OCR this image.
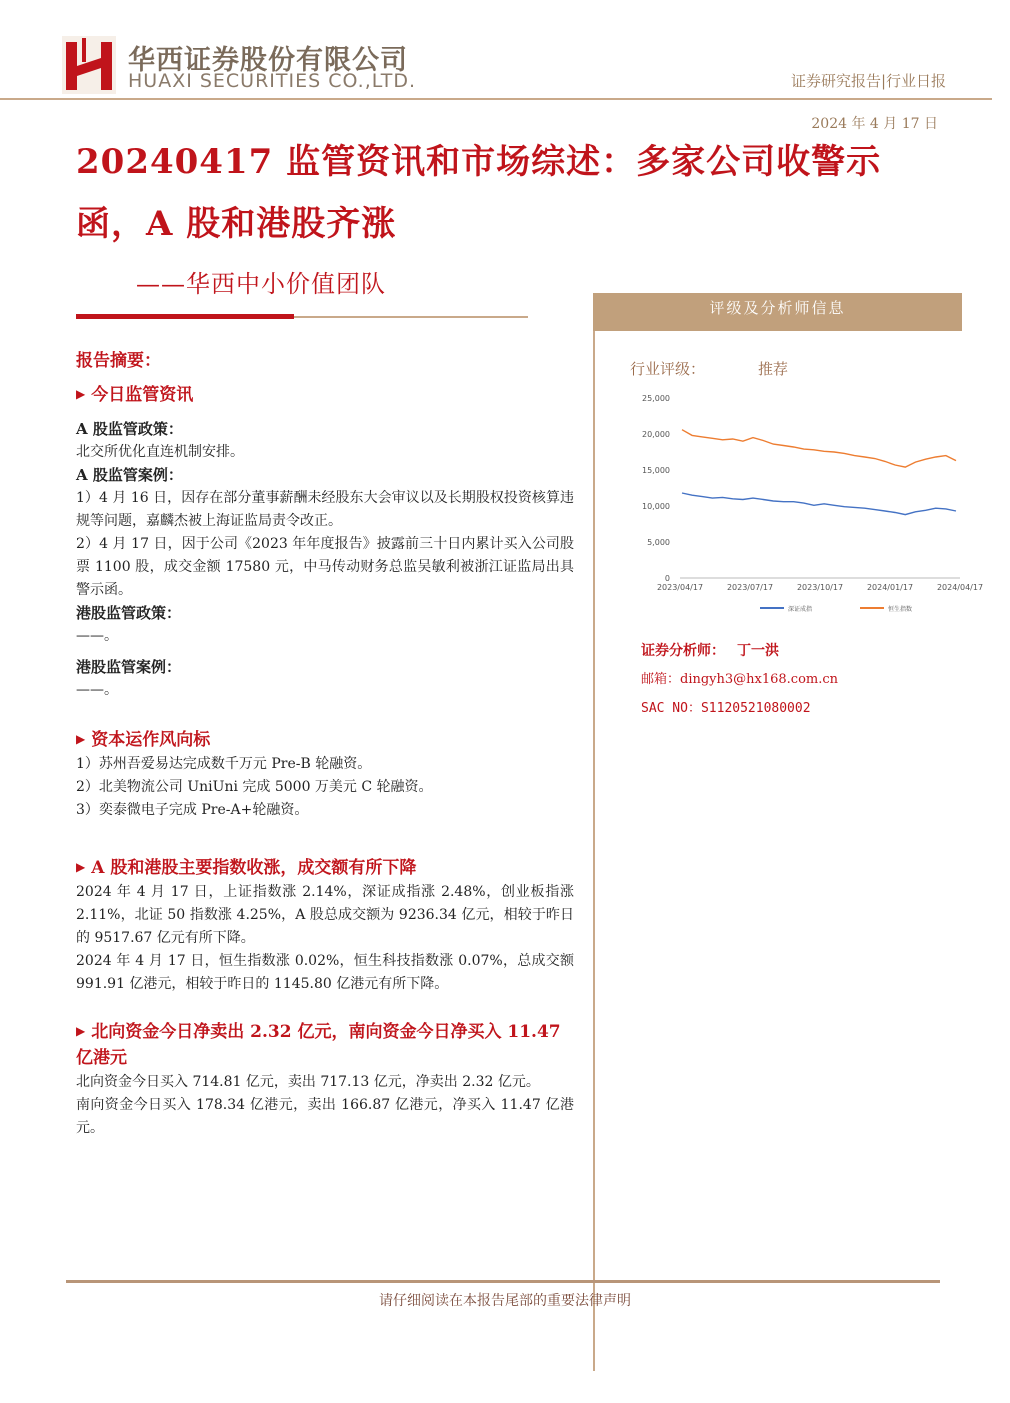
华西证券股份有限公司
HUAXI SECURITIES CO.,LTD.	证券研究报告|行业日报
2024 年 4 月 17 日
20240417 监管资讯和市场综述：多家公司收警示函，A 股和港股齐涨
——华西中小价值团队
报告摘要：
▶ 今日监管资讯
A 股监管政策：
北交所优化直连机制安排。
A 股监管案例：
1）4 月 16 日，因存在部分董事薪酬未经股东大会审议以及长期股权投资核算违规等问题，嘉麟杰被上海证监局责令改正。
2）4 月 17 日，因于公司《2023 年年度报告》披露前三十日内累计买入公司股票 1100 股，成交金额 17580 元，中马传动财务总监吴敏利被浙江证监局出具警示函。
港股监管政策：
——。
港股监管案例：
——。
▶ 资本运作风向标
1）苏州吾爱易达完成数千万元 Pre-B 轮融资。
2）北美物流公司 UniUni 完成 5000 万美元 C 轮融资。
3）奕泰微电子完成 Pre-A+轮融资。
▶ A 股和港股主要指数收涨，成交额有所下降
2024 年 4 月 17 日，上证指数涨 2.14%，深证成指涨 2.48%，创业板指涨 2.11%，北证 50 指数涨 4.25%，A 股总成交额为 9236.34 亿元，相较于昨日的 9517.67 亿元有所下降。
2024 年 4 月 17 日，恒生指数涨 0.02%，恒生科技指数涨 0.07%，总成交额 991.91 亿港元，相较于昨日的 1145.80 亿港元有所下降。
▶ 北向资金今日净卖出 2.32 亿元，南向资金今日净买入 11.47 亿港元
北向资金今日买入 714.81 亿元，卖出 717.13 亿元，净卖出 2.32 亿元。
南向资金今日买入 178.34 亿港元，卖出 166.87 亿港元，净买入 11.47 亿港元。
评级及分析师信息
行业评级：	推荐
0
5,000
10,000
15,000
20,000
25,000
2023/04/17	2023/07/17	2023/10/17	2024/01/17	2024/04/17
深证成指	恒生指数
证券分析师： 丁一洪
邮箱：dingyh3@hx168.com.cn
SAC NO：S1120521080002
请仔细阅读在本报告尾部的重要法律声明
